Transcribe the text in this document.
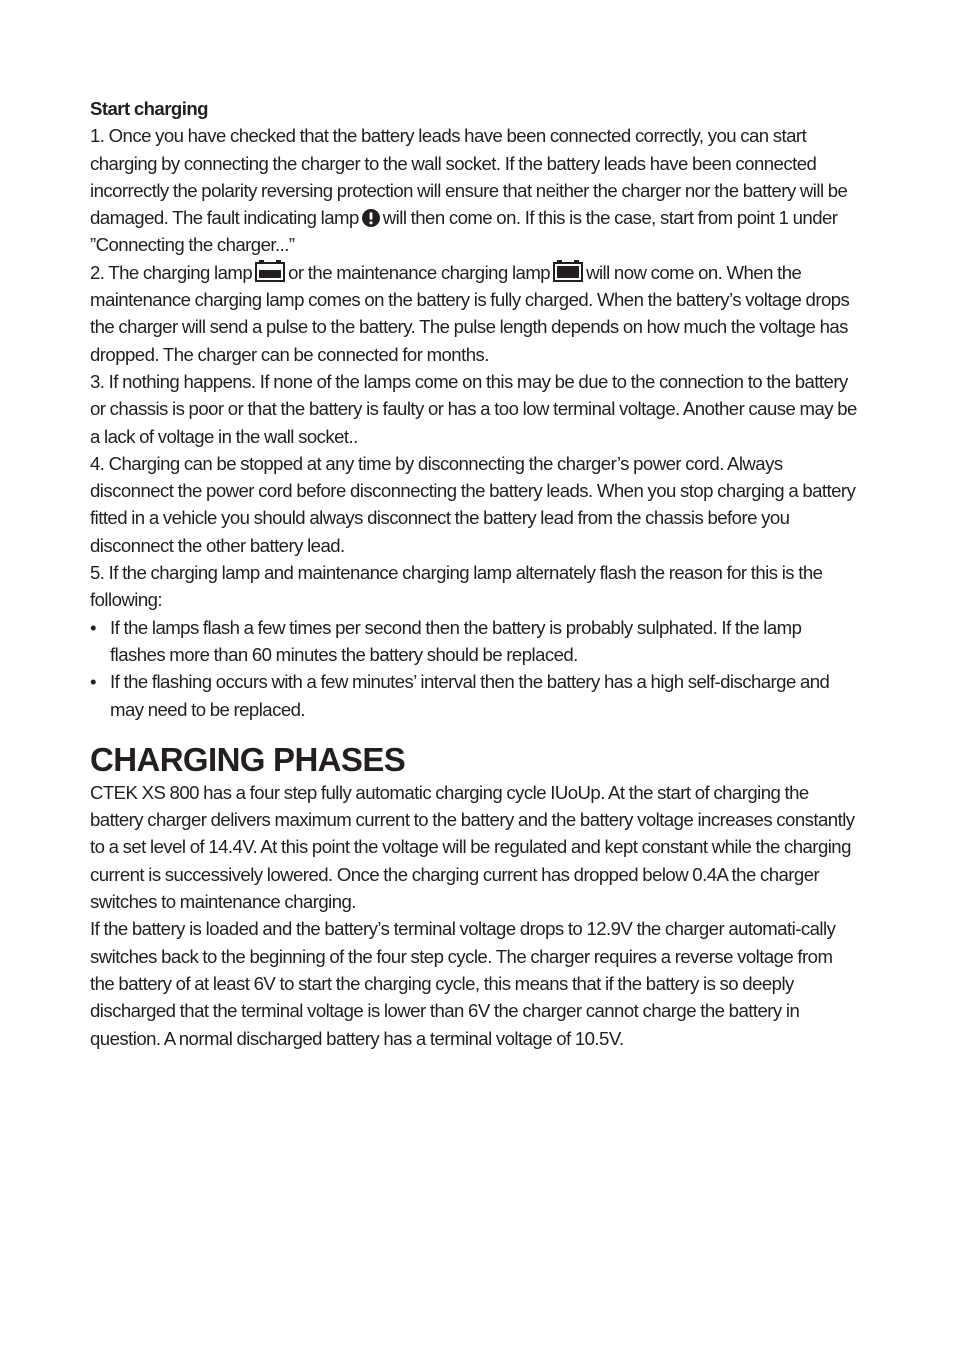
Start charging

1. Once you have checked that the battery leads have been connected correctly, you can start charging by connecting the charger to the wall socket. If the battery leads have been connected incorrectly the polarity reversing protection will ensure that neither the charger nor the battery will be damaged. The fault indicating lamp will then come on. If this is the case, start from point 1 under ”Connecting the charger...”

2. The charging lamp or the maintenance charging lamp will now come on. When the maintenance charging lamp comes on the battery is fully charged. When the battery’s voltage drops the charger will send a pulse to the battery. The pulse length depends on how much the voltage has dropped. The charger can be connected for months.

3. If nothing happens. If none of the lamps come on this may be due to the connection to the battery or chassis is poor or that the battery is faulty or has a too low terminal voltage. Another cause may be a lack of voltage in the wall socket..

4. Charging can be stopped at any time by disconnecting the charger’s power cord. Always disconnect the power cord before disconnecting the battery leads. When you stop charging a battery fitted in a vehicle you should always disconnect the battery lead from the chassis before you disconnect the other battery lead.

5. If the charging lamp and maintenance charging lamp alternately flash the reason for this is the following:

• If the lamps flash a few times per second then the battery is probably sulphated. If the lamp flashes more than 60 minutes the battery should be replaced.
• If the flashing occurs with a few minutes’ interval then the battery has a high self-discharge and may need to be replaced.
CHARGING PHASES

CTEK XS 800 has a four step fully automatic charging cycle IUoUp. At the start of charging the battery charger delivers maximum current to the battery and the battery voltage increases constantly to a set level of 14.4V. At this point the voltage will be regulated and kept constant while the charging current is successively lowered. Once the charging current has dropped below 0.4A the charger switches to maintenance charging.

If the battery is loaded and the battery’s terminal voltage drops to 12.9V the charger automati-cally switches back to the beginning of the four step cycle. The charger requires a reverse voltage from the battery of at least 6V to start the charging cycle, this means that if the battery is so deeply discharged that the terminal voltage is lower than 6V the charger cannot charge the battery in question. A normal discharged battery has a terminal voltage of 10.5V.
